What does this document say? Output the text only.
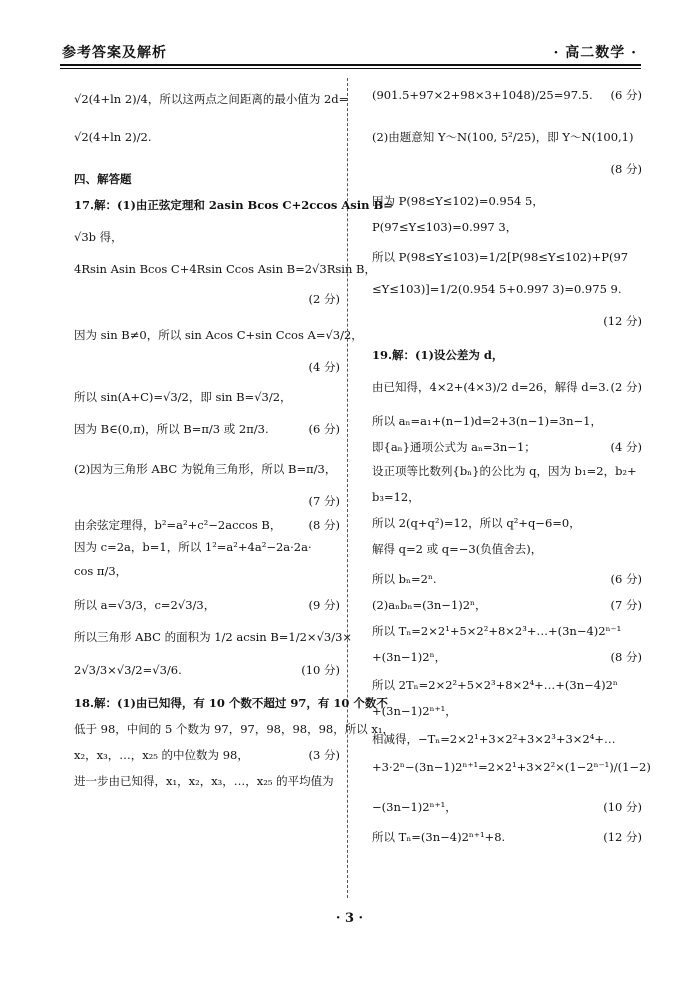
参考答案及解析	· 高二数学 ·
√2(4+ln 2)/4，所以这两点之间距离的最小值为 2d=
√2(4+ln 2)/2.
四、解答题
17.解：(1)由正弦定理和 2asin Bcos C+2ccos Asin B=
√3b 得，
4Rsin Asin Bcos C+4Rsin Ccos Asin B=2√3Rsin B，
(2 分)
因为 sin B≠0，所以 sin Acos C+sin Ccos A=√3/2，
(4 分)
所以 sin(A+C)=√3/2，即 sin B=√3/2，
因为 B∈(0,π)，所以 B=π/3 或 2π/3.	(6 分)
(2)因为三角形 ABC 为锐角三角形，所以 B=π/3，
(7 分)
由余弦定理得，b²=a²+c²−2accos B， (8 分)
因为 c=2a，b=1，所以 1²=a²+4a²−2a·2a·
cos π/3，
所以 a=√3/3，c=2√3/3，	(9 分)
所以三角形 ABC 的面积为 1/2 acsin B=1/2×√3/3×
2√3/3×√3/2=√3/6.	(10 分)
18.解：(1)由已知得，有 10 个数不超过 97，有 10 个数不
低于 98，中间的 5 个数为 97，97，98，98，98，所以 x₁，
x₂，x₃，…，x₂₅ 的中位数为 98，	(3 分)
进一步由已知得，x₁，x₂，x₃，…，x₂₅ 的平均值为
(901.5+97×2+98×3+1048)/25=97.5. (6 分)
(2)由题意知 Y～N(100, 5²/25)，即 Y～N(100,1)
(8 分)
因为 P(98≤Y≤102)=0.954 5，
P(97≤Y≤103)=0.997 3，
所以 P(98≤Y≤103)=1/2[P(98≤Y≤102)+P(97
≤Y≤103)]=1/2(0.954 5+0.997 3)=0.975 9.
(12 分)
19.解：(1)设公差为 d，
由已知得，4×2+(4×3)/2 d=26，解得 d=3. (2 分)
所以 aₙ=a₁+(n−1)d=2+3(n−1)=3n−1，
即{aₙ}通项公式为 aₙ=3n−1；	(4 分)
设正项等比数列{bₙ}的公比为 q，因为 b₁=2，b₂+
b₃=12，
所以 2(q+q²)=12，所以 q²+q−6=0，
解得 q=2 或 q=−3(负值舍去)，
所以 bₙ=2ⁿ.	(6 分)
(2)aₙbₙ=(3n−1)2ⁿ，	(7 分)
所以 Tₙ=2×2¹+5×2²+8×2³+…+(3n−4)2ⁿ⁻¹
+(3n−1)2ⁿ，	(8 分)
所以 2Tₙ=2×2²+5×2³+8×2⁴+…+(3n−4)2ⁿ
+(3n−1)2ⁿ⁺¹，
相减得，−Tₙ=2×2¹+3×2²+3×2³+3×2⁴+…
+3·2ⁿ−(3n−1)2ⁿ⁺¹=2×2¹+3×2²×(1−2ⁿ⁻¹)/(1−2)
−(3n−1)2ⁿ⁺¹，	(10 分)
所以 Tₙ=(3n−4)2ⁿ⁺¹+8.	(12 分)
· 3 ·
